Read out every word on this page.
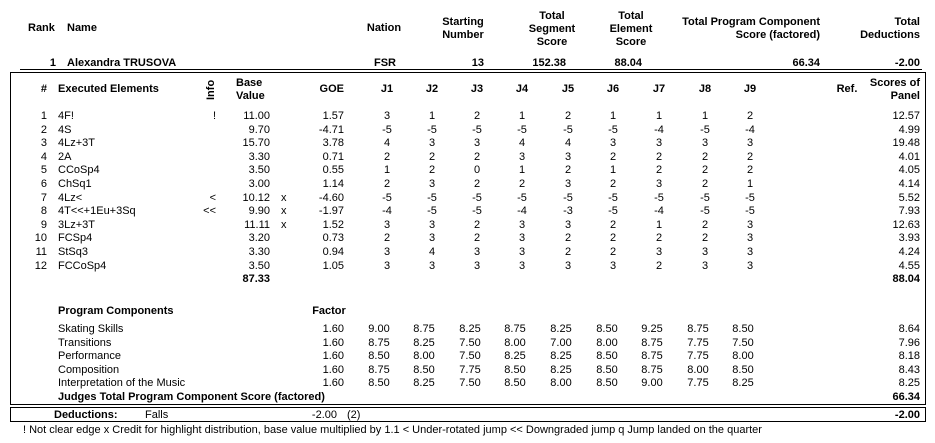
Rank Name	Nation	Starting
Number
Total
Segment
Score
Total
Element
Score
Total Program Component
Score (factored)
Total
Deductions
1 Alexandra TRUSOVA	FSR	13	152.38	88.04	66.34	-2.00
# Executed Elements	Info Base
Value
GOE	J1	J2	J3	J4	J5	J6	J7	J8	J9	Ref.	Scores of
Panel
1 4F!	! 11.00	1.57	3	1	2	1	2	1	1	1	2	12.57
2 4S	9.70	-4.71	-5	-5	-5	-5	-5	-5	-4	-5	-4	4.99
3 4Lz+3T	15.70	3.78	4	3	3	4	4	3	3	3	3	19.48
4 2A	3.30	0.71	2	2	2	3	3	2	2	2	2	4.01
5 CCoSp4	3.50	0.55	1	2	0	1	2	1	2	2	2	4.05
6 ChSq1	3.00	1.14	2	3	2	2	3	2	3	2	1	4.14
7 4Lz<	< 10.12 x	-4.60	-5	-5	-5	-5	-5	-5	-5	-5	-5	5.52
8 4T<<+1Eu+3Sq	<<	9.90 x	-1.97	-4	-5	-5	-4	-3	-5	-4	-5	-5	7.93
9 3Lz+3T	11.11 x	1.52	3	3	2	3	3	2	1	2	3	12.63
10 FCSp4	3.20	0.73	2	3	2	3	2	2	2	2	3	3.93
11 StSq3	3.30	0.94	3	4	3	3	2	2	3	3	3	4.24
12 FCCoSp4	3.50	1.05	3	3	3	3	3	3	2	3	3	4.55
87.33	88.04
Program Components	Factor
Skating Skills	1.60	9.00	8.75	8.25	8.75	8.25	8.50	9.25	8.75	8.50	8.64
Transitions	1.60	8.75	8.25	7.50	8.00	7.00	8.00	8.75	7.75	7.50	7.96
Performance	1.60	8.50	8.00	7.50	8.25	8.25	8.50	8.75	7.75	8.00	8.18
Composition	1.60	8.75	8.50	7.75	8.50	8.25	8.50	8.75	8.00	8.50	8.43
Interpretation of the Music	1.60	8.50	8.25	7.50	8.50	8.00	8.50	9.00	7.75	8.25	8.25
Judges Total Program Component Score (factored)	66.34
Deductions: Falls	-2.00 (2)	-2.00
! Not clear edge x Credit for highlight distribution, base value multiplied by 1.1 < Under-rotated jump << Downgraded jump q Jump landed on the quarter
